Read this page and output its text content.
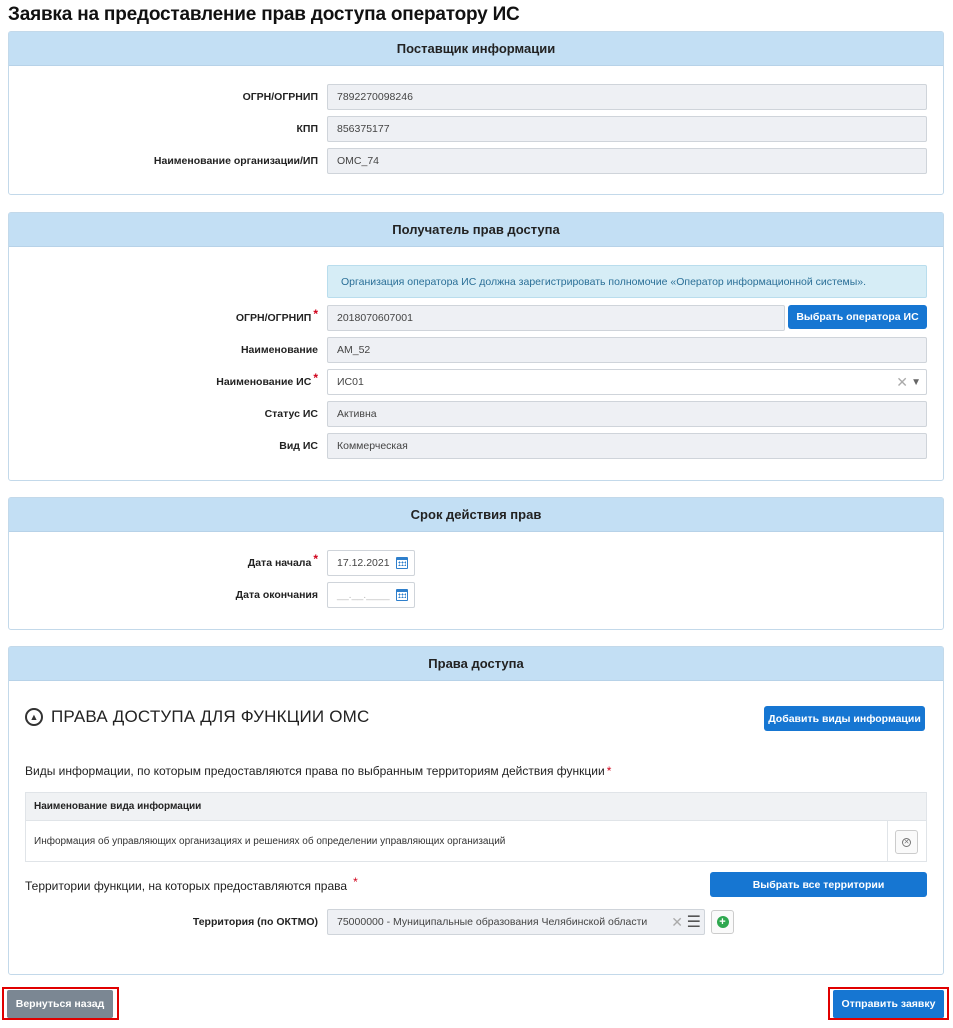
Заявка на предоставление прав доступа оператору ИС
Поставщик информации
ОГРН/ОГРНИП	7892270098246
КПП	856375177
Наименование организации/ИП	ОМС_74
Получатель прав доступа
Организация оператора ИС должна зарегистрировать полномочие «Оператор информационной системы».
ОГРН/ОГРНИП *	2018070607001	Выбрать оператора ИС
Наименование	АМ_52
Наименование ИС * ИС01	✕ ▼
Статус ИС	Активна
Вид ИС	Коммерческая
Срок действия прав
Дата начала * 17.12.2021
Дата окончания __.__.____
Права доступа
▲ ПРАВА ДОСТУПА ДЛЯ ФУНКЦИИ ОМС	Добавить виды информации
Виды информации, по которым предоставляются права по выбранным территориям действия функции *
Наименование вида информации
Информация об управляющих организациях и решениях об определении управляющих организаций	✕
Территории функции, на которых предоставляются права *	Выбрать все территории
Территория (по ОКТМО) 75000000 - Муниципальные образования Челябинской области ✕ ☰ +
Вернуться назад	Отправить заявку
